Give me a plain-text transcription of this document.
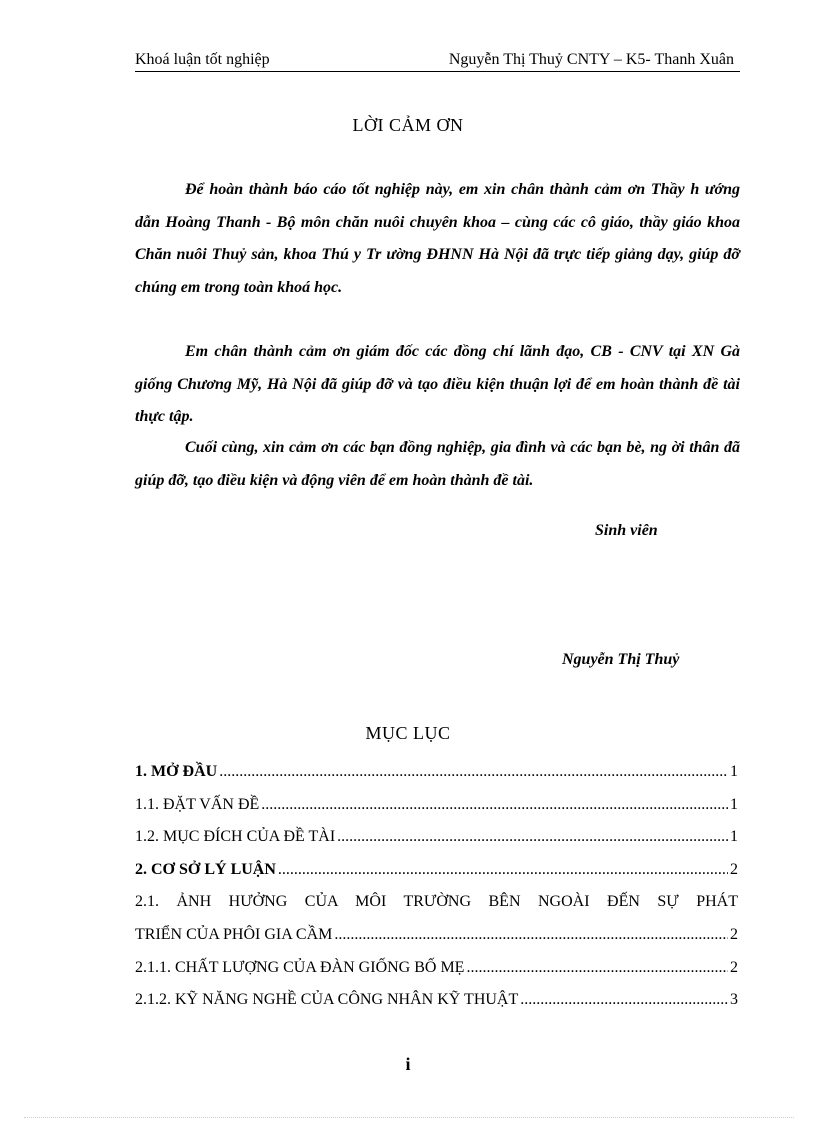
Khoá luận tốt nghiệp	Nguyễn Thị Thuỷ CNTY – K5- Thanh Xuân
LỜI CẢM ƠN

Để hoàn thành báo cáo tốt nghiệp này, em xin chân thành cảm ơn Thầy h ướng dẫn Hoàng Thanh - Bộ môn chăn nuôi chuyên khoa – cùng các cô giáo, thầy giáo khoa Chăn nuôi Thuỷ sản, khoa Thú y Tr ường ĐHNN Hà Nội đã trực tiếp giảng dạy, giúp đỡ chúng em trong toàn khoá học.

Em chân thành cảm ơn giám đốc các đồng chí lãnh đạo, CB - CNV tại XN Gà giống Chương Mỹ, Hà Nội đã giúp đỡ và tạo điều kiện thuận lợi để em hoàn thành đề tài thực tập.

Cuối cùng, xin cảm ơn các bạn đồng nghiệp, gia đình và các bạn bè, ng ời thân đã giúp đỡ, tạo điều kiện và động viên để em hoàn thành đề tài.

Sinh viên
Nguyễn Thị Thuỷ
MỤC LỤC
1. MỞ ĐẦU .....	1
1.1. ĐẶT VẤN ĐỀ .....	1
1.2. MỤC ĐÍCH CỦA ĐỀ TÀI .....	1
2. CƠ SỞ LÝ LUẬN .....	2
2.1. ẢNH HƯỞNG CỦA MÔI TRƯỜNG BÊN NGOÀI ĐẾN SỰ PHÁT
TRIỂN CỦA PHÔI GIA CẦM .....	2
2.1.1. CHẤT LƯỢNG CỦA ĐÀN GIỐNG BỐ MẸ .....	2
2.1.2. KỸ NĂNG NGHỀ CỦA CÔNG NHÂN KỸ THUẬT .....	3
i
